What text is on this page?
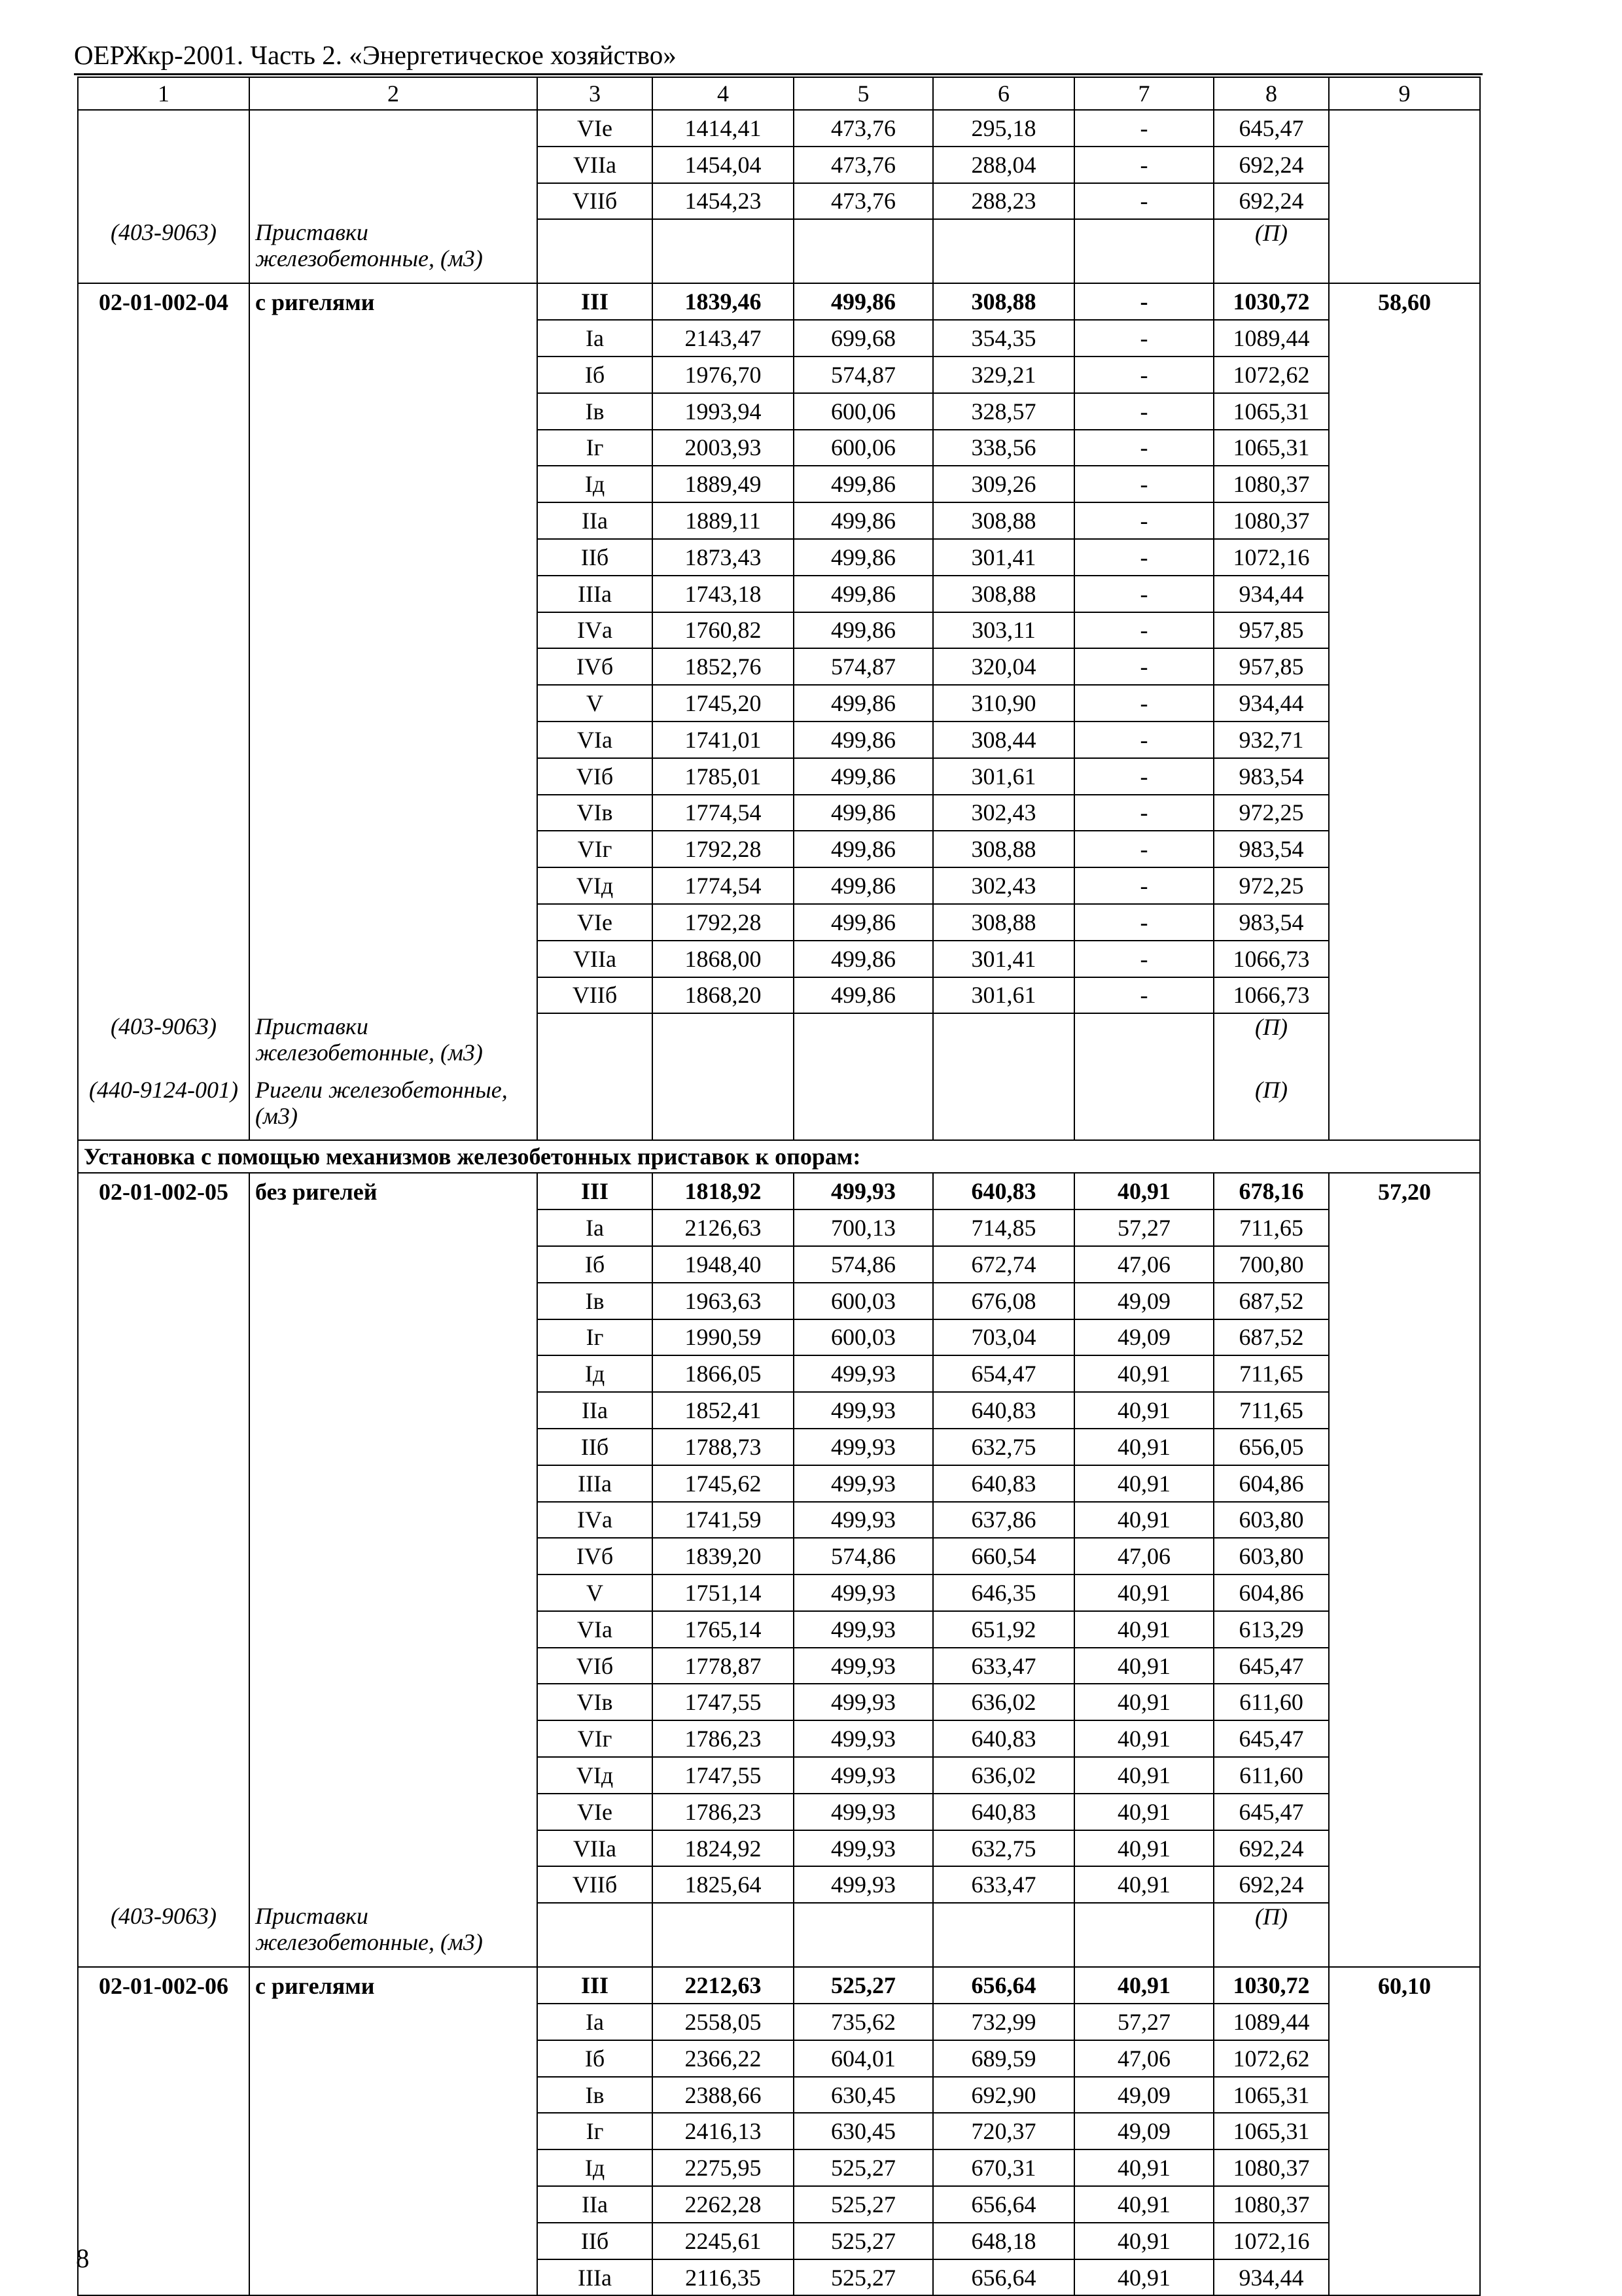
ОЕРЖкр-2001. Часть 2. «Энергетическое хозяйство»
1	2	3	4	5	6	7	8	9
		VIе	1414,41	473,76	295,18	-	645,47	
		VIIа	1454,04	473,76	288,04	-	692,24	
		VIIб	1454,23	473,76	288,23	-	692,24	
(403-9063)	Приставки железобетонные, (м3)						(П)	
02-01-002-04	с ригелями	III	1839,46	499,86	308,88	-	1030,72	58,60
		Iа	2143,47	699,68	354,35	-	1089,44	
		Iб	1976,70	574,87	329,21	-	1072,62	
		Iв	1993,94	600,06	328,57	-	1065,31	
		Iг	2003,93	600,06	338,56	-	1065,31	
		Iд	1889,49	499,86	309,26	-	1080,37	
		IIа	1889,11	499,86	308,88	-	1080,37	
		IIб	1873,43	499,86	301,41	-	1072,16	
		IIIа	1743,18	499,86	308,88	-	934,44	
		IVа	1760,82	499,86	303,11	-	957,85	
		IVб	1852,76	574,87	320,04	-	957,85	
		V	1745,20	499,86	310,90	-	934,44	
		VIа	1741,01	499,86	308,44	-	932,71	
		VIб	1785,01	499,86	301,61	-	983,54	
		VIв	1774,54	499,86	302,43	-	972,25	
		VIг	1792,28	499,86	308,88	-	983,54	
		VIд	1774,54	499,86	302,43	-	972,25	
		VIе	1792,28	499,86	308,88	-	983,54	
		VIIа	1868,00	499,86	301,41	-	1066,73	
		VIIб	1868,20	499,86	301,61	-	1066,73	
(403-9063)	Приставки железобетонные, (м3)						(П)	
(440-9124-001)	Ригели железобетонные, (м3)						(П)	
Установка с помощью механизмов железобетонных приставок к опорам:								
02-01-002-05	без ригелей	III	1818,92	499,93	640,83	40,91	678,16	57,20
		Iа	2126,63	700,13	714,85	57,27	711,65	
		Iб	1948,40	574,86	672,74	47,06	700,80	
		Iв	1963,63	600,03	676,08	49,09	687,52	
		Iг	1990,59	600,03	703,04	49,09	687,52	
		Iд	1866,05	499,93	654,47	40,91	711,65	
		IIа	1852,41	499,93	640,83	40,91	711,65	
		IIб	1788,73	499,93	632,75	40,91	656,05	
		IIIа	1745,62	499,93	640,83	40,91	604,86	
		IVа	1741,59	499,93	637,86	40,91	603,80	
		IVб	1839,20	574,86	660,54	47,06	603,80	
		V	1751,14	499,93	646,35	40,91	604,86	
		VIа	1765,14	499,93	651,92	40,91	613,29	
		VIб	1778,87	499,93	633,47	40,91	645,47	
		VIв	1747,55	499,93	636,02	40,91	611,60	
		VIг	1786,23	499,93	640,83	40,91	645,47	
		VIд	1747,55	499,93	636,02	40,91	611,60	
		VIе	1786,23	499,93	640,83	40,91	645,47	
		VIIа	1824,92	499,93	632,75	40,91	692,24	
		VIIб	1825,64	499,93	633,47	40,91	692,24	
(403-9063)	Приставки железобетонные, (м3)						(П)	
02-01-002-06	с ригелями	III	2212,63	525,27	656,64	40,91	1030,72	60,10
		Iа	2558,05	735,62	732,99	57,27	1089,44	
		Iб	2366,22	604,01	689,59	47,06	1072,62	
		Iв	2388,66	630,45	692,90	49,09	1065,31	
		Iг	2416,13	630,45	720,37	49,09	1065,31	
		Iд	2275,95	525,27	670,31	40,91	1080,37	
		IIа	2262,28	525,27	656,64	40,91	1080,37	
		IIб	2245,61	525,27	648,18	40,91	1072,16	
		IIIа	2116,35	525,27	656,64	40,91	934,44	
8
